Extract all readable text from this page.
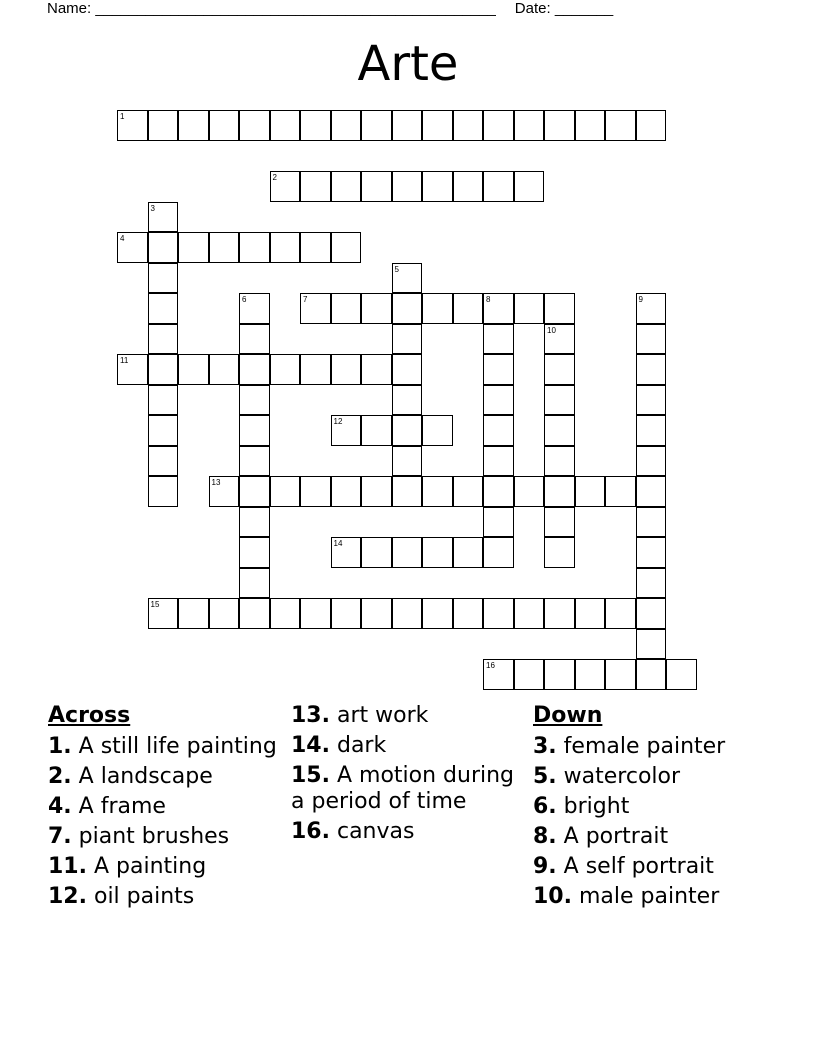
Name: ________________________________________________ Date: _______
Arte
1
2
3
4
5
6	7	8	9
10
11
12
13
14
15
16
Across
1. A still life painting
2. A landscape
4. A frame
7. piant brushes
11. A painting
12. oil paints
13. art work
14. dark
15. A motion during a period of time
16. canvas
Down
3. female painter
5. watercolor
6. bright
8. A portrait
9. A self portrait
10. male painter
